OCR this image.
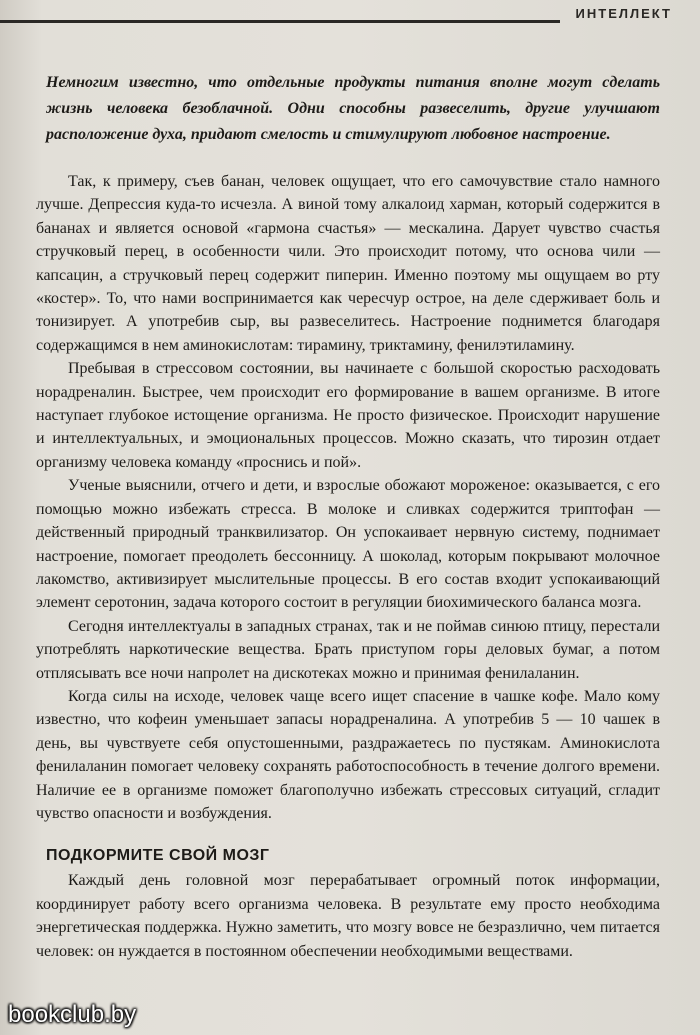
ИНТЕЛЛЕКТ

Немногим известно, что отдельные продукты питания вполне могут сделать жизнь человека безоблачной. Одни способны развеселить, другие улучшают расположение духа, придают смелость и стимулируют любовное настроение.

Так, к примеру, съев банан, человек ощущает, что его самочувствие стало намного лучше. Депрессия куда-то исчезла. А виной тому алкалоид харман, который содержится в бананах и является основой «гармона счастья» — мескалина. Дарует чувство счастья стручковый перец, в особенности чили. Это происходит потому, что основа чили — капсацин, а стручковый перец содержит пиперин. Именно поэтому мы ощущаем во рту «костер». То, что нами воспринимается как чересчур острое, на деле сдерживает боль и тонизирует. А употребив сыр, вы развеселитесь. Настроение поднимется благодаря содержащимся в нем аминокислотам: тирамину, триктамину, фенилэтиламину.

Пребывая в стрессовом состоянии, вы начинаете с большой скоростью расходовать норадреналин. Быстрее, чем происходит его формирование в вашем организме. В итоге наступает глубокое истощение организма. Не просто физическое. Происходит нарушение и интеллектуальных, и эмоциональных процессов. Можно сказать, что тирозин отдает организму человека команду «проснись и пой».

Ученые выяснили, отчего и дети, и взрослые обожают мороженое: оказывается, с его помощью можно избежать стресса. В молоке и сливках содержится триптофан — действенный природный транквилизатор. Он успокаивает нервную систему, поднимает настроение, помогает преодолеть бессонницу. А шоколад, которым покрывают молочное лакомство, активизирует мыслительные процессы. В его состав входит успокаивающий элемент серотонин, задача которого состоит в регуляции биохимического баланса мозга.

Сегодня интеллектуалы в западных странах, так и не поймав синюю птицу, перестали употреблять наркотические вещества. Брать приступом горы деловых бумаг, а потом отплясывать все ночи напролет на дискотеках можно и принимая фенилаланин.

Когда силы на исходе, человек чаще всего ищет спасение в чашке кофе. Мало кому известно, что кофеин уменьшает запасы норадреналина. А употребив 5 — 10 чашек в день, вы чувствуете себя опустошенными, раздражаетесь по пустякам. Аминокислота фенилаланин помогает человеку сохранять работоспособность в течение долгого времени. Наличие ее в организме поможет благополучно избежать стрессовых ситуаций, сгладит чувство опасности и возбуждения.

ПОДКОРМИТЕ СВОЙ МОЗГ

Каждый день головной мозг перерабатывает огромный поток информации, координирует работу всего организма человека. В результате ему просто необходима энергетическая поддержка. Нужно заметить, что мозгу вовсе не безразлично, чем питается человек: он нуждается в постоянном обеспечении необходимыми веществами.

bookclub.by
